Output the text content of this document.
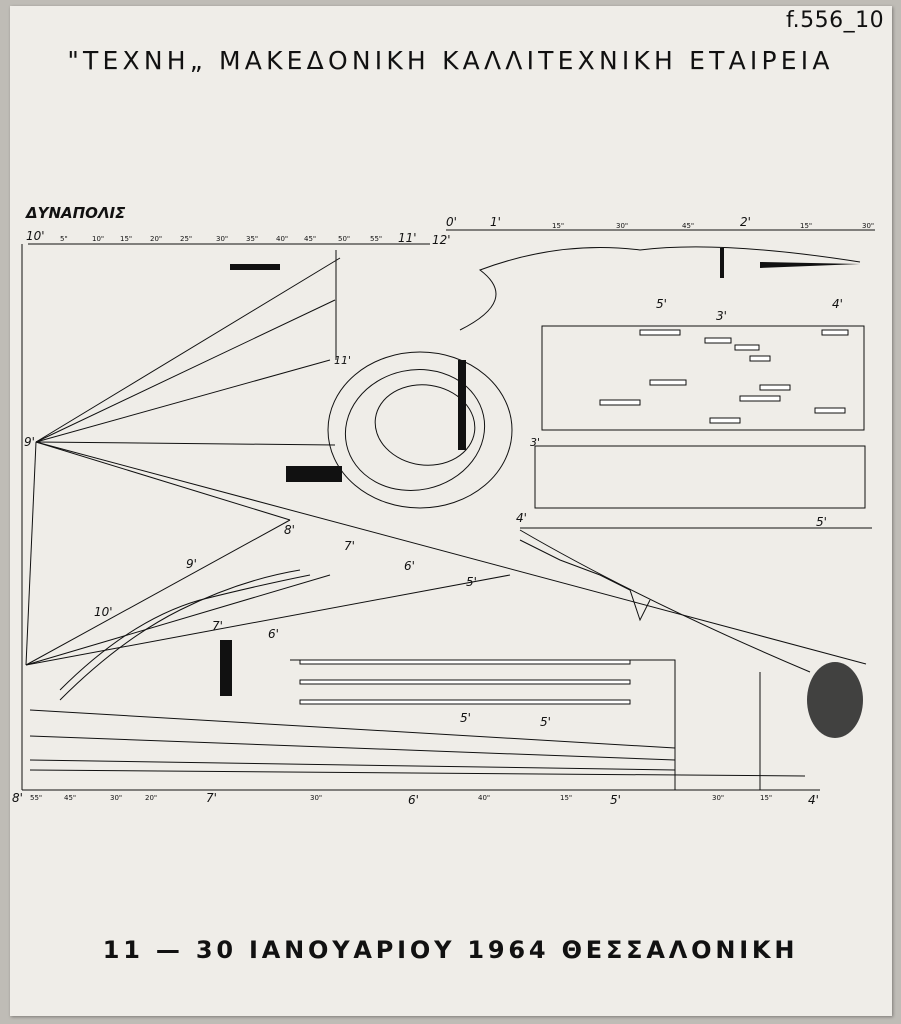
f.556_10
"ΤΕΧΝΗ„ ΜΑΚΕΔΟΝΙΚΗ ΚΑΛΛΙΤΕΧΝΙΚΗ ΕΤΑΙΡΕΙΑ
ΔΥΝΑΠΟΛΙΣ
10'	11' 12'
0'	1'	2'
9'
11'
3'
4'
5'
3'
4'	5'
8'
7'
6'
5'
9'
10'
7'
6'
5'	5'
8'	7'	6'	5'	4'
55"	45"	30"	20"	30"	40"	15"	30"	15"
5"	10" 15"	20"	25"	30"	35"	40" 45"	50"	55"
15"	30"	45"	15"	30"
11 — 30 ΙΑΝΟΥΑΡΙΟΥ 1964 ΘΕΣΣΑΛΟΝΙΚΗ
